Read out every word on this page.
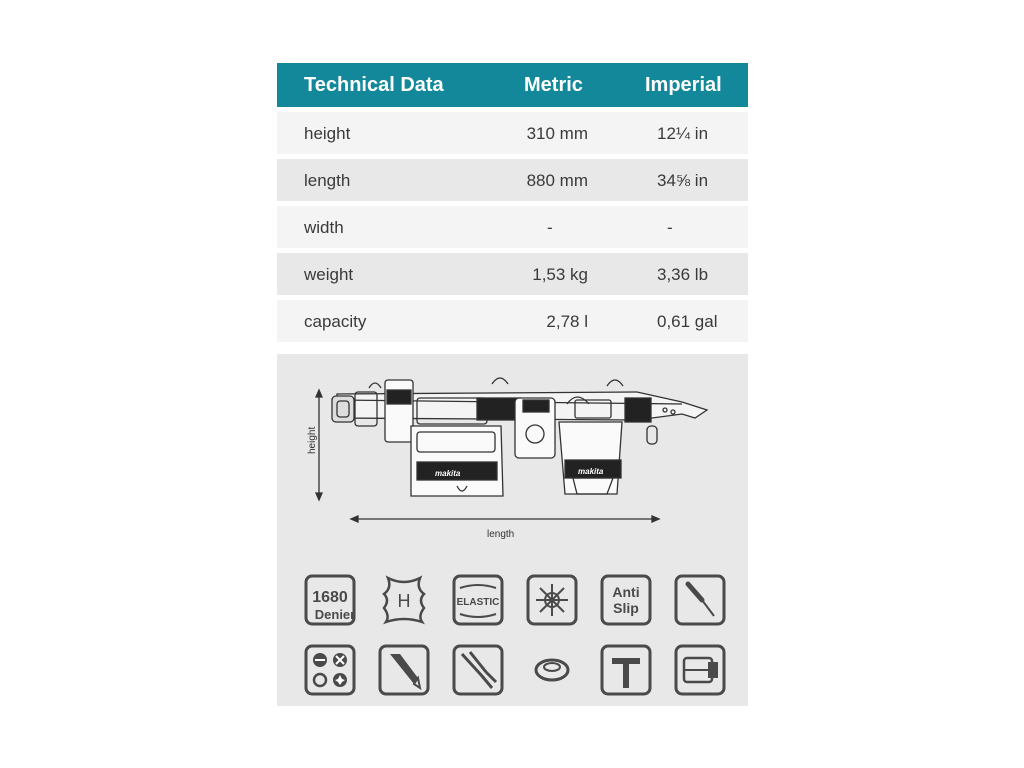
Technical Data	Metric	Imperial
height	310 mm	12¼ in
length	880 mm	34⅝ in
width	-	-
weight	1,53 kg	3,36 lb
capacity	2,78 l	0,61 gal
height
length
makita	makita
1680
Denier
H	ELASTIC
Anti
Slip
